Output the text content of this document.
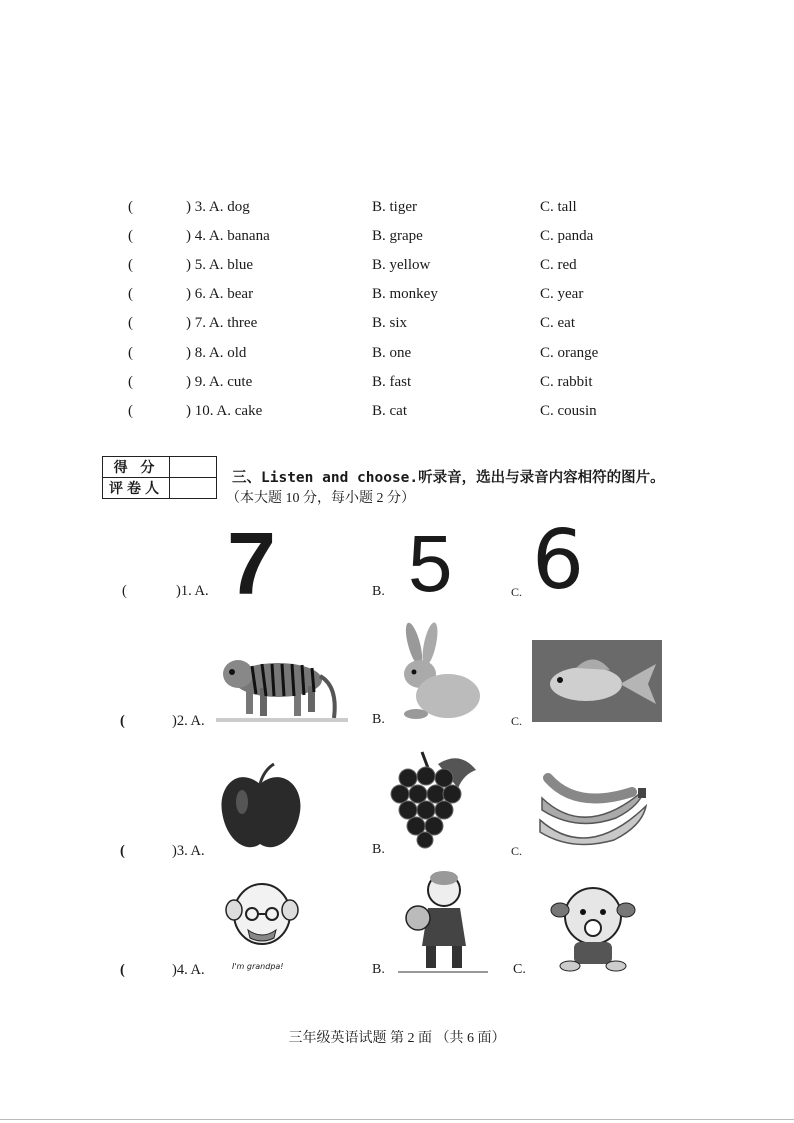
(	) 3. A. dog	B. tiger	C. tall
(	) 4. A. banana	B. grape	C. panda
(	) 5. A. blue	B. yellow	C. red
(	) 6. A. bear	B. monkey	C. year
(	) 7. A. three	B. six	C. eat
(	) 8. A. old	B. one	C. orange
(	) 9. A. cute	B. fast	C. rabbit
(	) 10. A. cake	B. cat	C. cousin
得 分	
评卷人	
三、Listen and choose.听录音，选出与录音内容相符的图片。
（本大题 10 分，每小题 2 分）
(	)1. A. 7	B. 5	C. 6
(	)2. A.	B.	C.
(	)3. A.	B.	C.
(	)4. A.	I'm grandpa!	B.	C.
三年级英语试题 第 2 面 （共 6 面）
